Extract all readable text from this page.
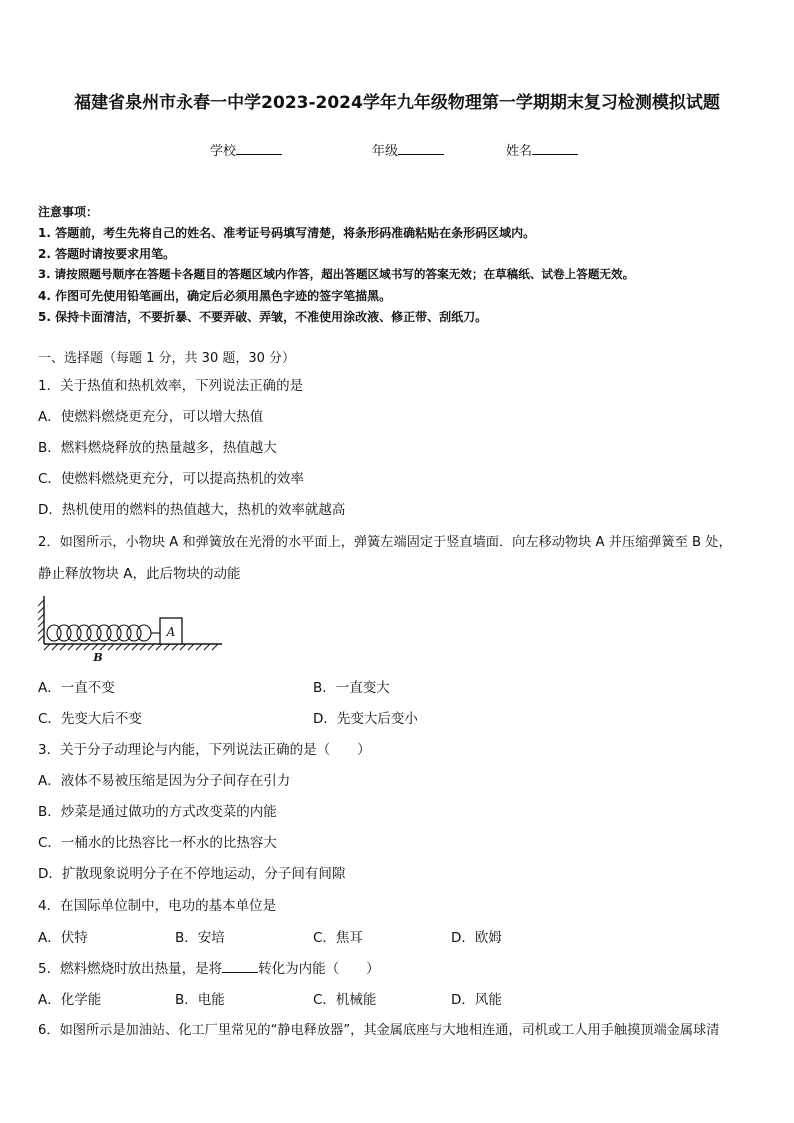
福建省泉州市永春一中学2023-2024学年九年级物理第一学期期末复习检测模拟试题
学校	年级	姓名
注意事项：
1. 答题前，考生先将自己的姓名、准考证号码填写清楚，将条形码准确粘贴在条形码区域内。
2. 答题时请按要求用笔。
3. 请按照题号顺序在答题卡各题目的答题区域内作答，超出答题区域书写的答案无效；在草稿纸、试卷上答题无效。
4. 作图可先使用铅笔画出，确定后必须用黑色字迹的签字笔描黑。
5. 保持卡面清洁，不要折暴、不要弄破、弄皱，不准使用涂改液、修正带、刮纸刀。
一、选择题（每题 1 分，共 30 题，30 分）
1．关于热值和热机效率，下列说法正确的是
A．使燃料燃烧更充分，可以增大热值
B．燃料燃烧释放的热量越多，热值越大
C．使燃料燃烧更充分，可以提高热机的效率
D．热机使用的燃料的热值越大，热机的效率就越高
2．如图所示，小物块 A 和弹簧放在光滑的水平面上，弹簧左端固定于竖直墙面．向左移动物块 A 并压缩弹簧至 B 处，
静止释放物块 A，此后物块的动能
A
B
A．一直不变	B．一直变大
C．先变大后不变	D．先变大后变小
3．关于分子动理论与内能，下列说法正确的是（　　）
A．液体不易被压缩是因为分子间存在引力
B．炒菜是通过做功的方式改变菜的内能
C．一桶水的比热容比一杯水的比热容大
D．扩散现象说明分子在不停地运动，分子间有间隙
4．在国际单位制中，电功的基本单位是
A．伏特	B．安培	C．焦耳	D．欧姆
5．燃料燃烧时放出热量，是将	转化为内能（　　）
A．化学能	B．电能	C．机械能	D．风能
6．如图所示是加油站、化工厂里常见的“静电释放器”，其金属底座与大地相连通，司机或工人用手触摸顶端金属球清
